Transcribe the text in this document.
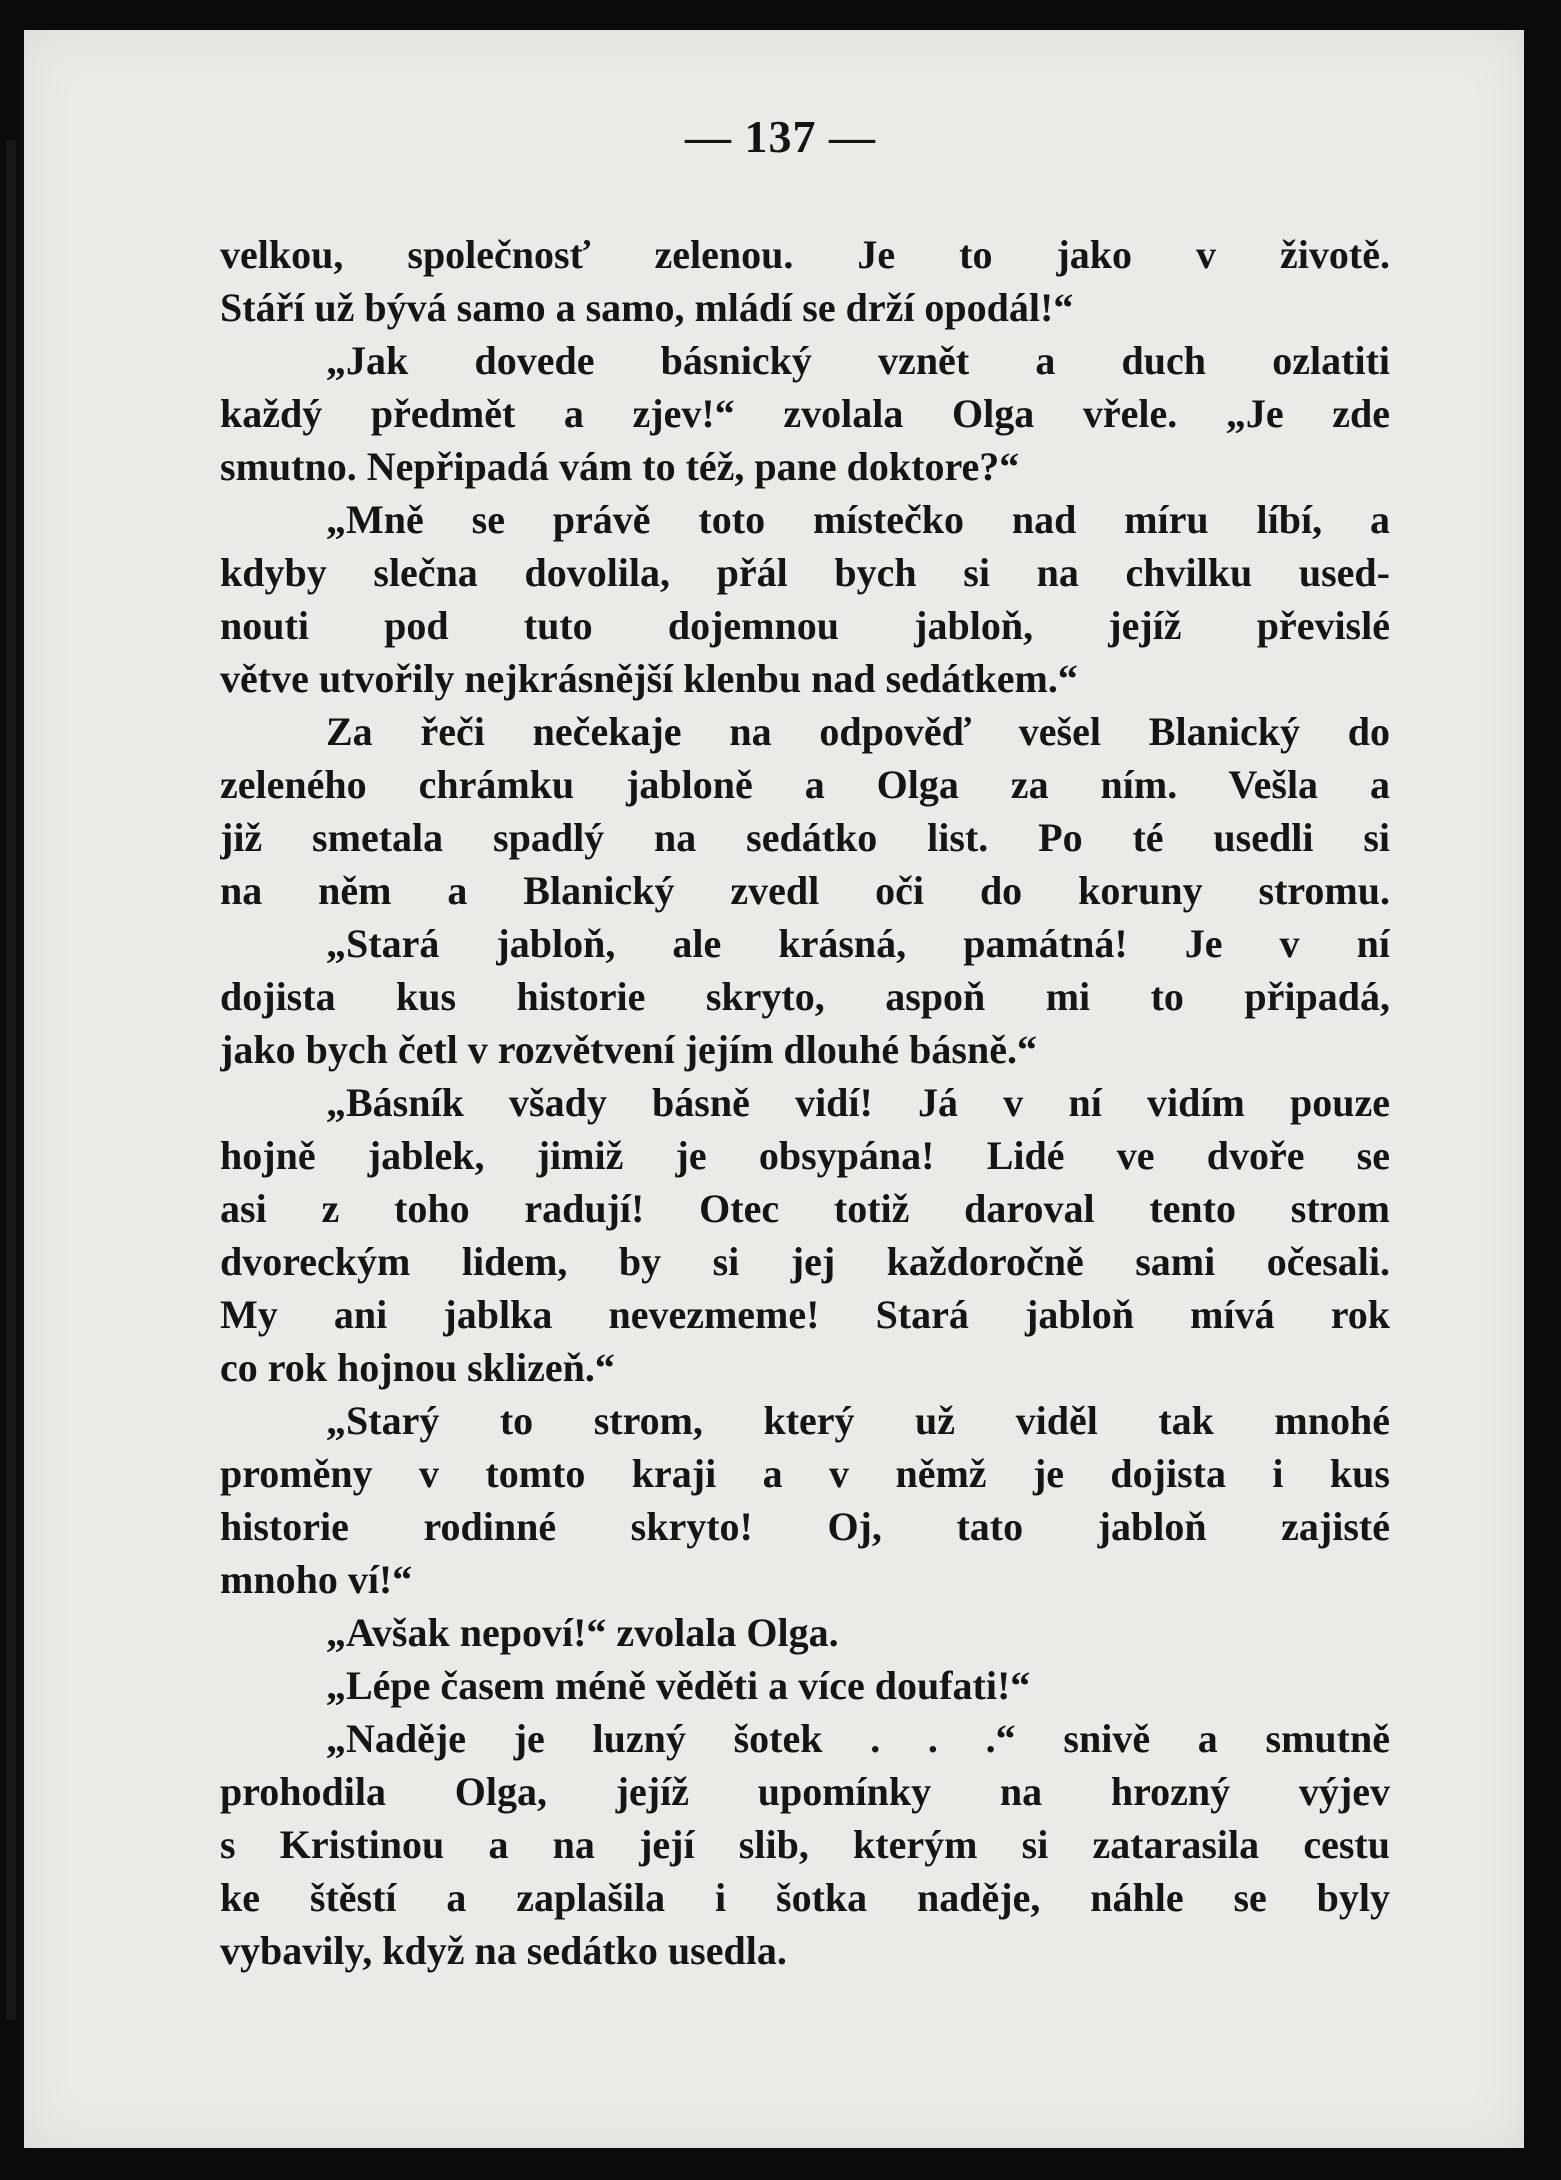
— 137 —
velkou, společnosť zelenou. Je to jako v životě.
Stáří už bývá samo a samo, mládí se drží opodál!“
„Jak dovede básnický vznět a duch ozlatiti
každý předmět a zjev!“ zvolala Olga vřele. „Je zde
smutno. Nepřipadá vám to též, pane doktore?“
„Mně se právě toto místečko nad míru líbí, a
kdyby slečna dovolila, přál bych si na chvilku used-
nouti pod tuto dojemnou jabloň, jejíž převislé
větve utvořily nejkrásnější klenbu nad sedátkem.“
Za řeči nečekaje na odpověď vešel Blanický do
zeleného chrámku jabloně a Olga za ním. Vešla a
již smetala spadlý na sedátko list. Po té usedli si
na něm a Blanický zvedl oči do koruny stromu.
„Stará jabloň, ale krásná, památná! Je v ní
dojista kus historie skryto, aspoň mi to připadá,
jako bych četl v rozvětvení jejím dlouhé básně.“
„Básník všady básně vidí! Já v ní vidím pouze
hojně jablek, jimiž je obsypána! Lidé ve dvoře se
asi z toho radují! Otec totiž daroval tento strom
dvoreckým lidem, by si jej každoročně sami očesali.
My ani jablka nevezmeme! Stará jabloň mívá rok
co rok hojnou sklizeň.“
„Starý to strom, který už viděl tak mnohé
proměny v tomto kraji a v němž je dojista i kus
historie rodinné skryto! Oj, tato jabloň zajisté
mnoho ví!“
„Avšak nepoví!“ zvolala Olga.
„Lépe časem méně věděti a více doufati!“
„Naděje je luzný šotek . . .“ snivě a smutně
prohodila Olga, jejíž upomínky na hrozný výjev
s Kristinou a na její slib, kterým si zatarasila cestu
ke štěstí a zaplašila i šotka naděje, náhle se byly
vybavily, když na sedátko usedla.
